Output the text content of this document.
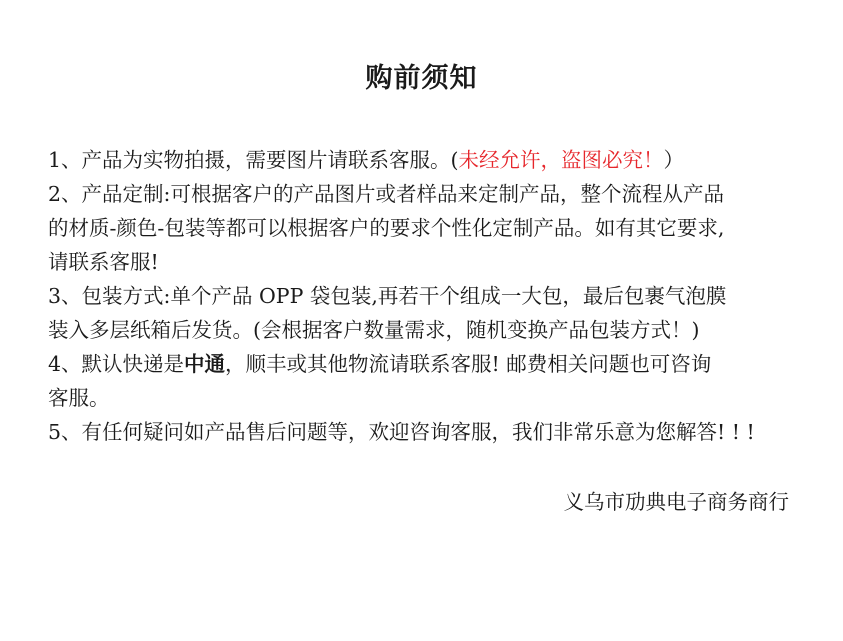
购前须知
1、产品为实物拍摄，需要图片请联系客服。(未经允许，盗图必究！）
2、产品定制:可根据客户的产品图片或者样品来定制产品，整个流程从产品
的材质-颜色-包装等都可以根据客户的要求个性化定制产品。如有其它要求,
请联系客服!
3、包装方式:单个产品 OPP 袋包装,再若干个组成一大包，最后包裹气泡膜
装入多层纸箱后发货。(会根据客户数量需求，随机变换产品包装方式！)
4、默认快递是中通，顺丰或其他物流请联系客服! 邮费相关问题也可咨询
客服。
5、有任何疑问如产品售后问题等，欢迎咨询客服，我们非常乐意为您解答! ! !
义乌市劢典电子商务商行
